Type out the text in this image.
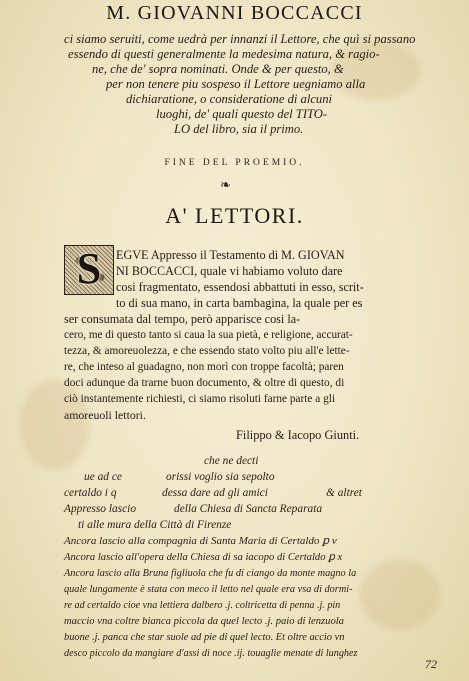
M. GIOVANNI BOCCACCI
ci siamo seruiti, come uedrà per innanzi il Lettore, che quì si passano
essendo di questi generalmente la medesima natura, & ragio-
ne, che de' sopra nominati. Onde & per questo, &
per non tenere piu sospeso il Lettore uegniamo alla
dichiaratione, o consideratione di alcuni
luoghi, de' quali questo del TITO-
LO del libro, sia il primo.
FINE DEL PROEMIO.
❧
A' LETTORI.
S	EGVE Appresso il Testamento di M. GIOVAN
NI BOCCACCI, quale vi habiamo voluto dare
cosi fragmentato, essendosi abbattuti in esso, scrit-
to di sua mano, in carta bambagina, la quale per es
ser consumata dal tempo, però apparisce cosi la-
cero, me di questo tanto si caua la sua pietà, e religione, accurat-
tezza, & amoreuolezza, e che essendo stato volto piu all'e lette-
re, che inteso al guadagno, non morì con troppe facoltà; paren
doci adunque da trarne buon documento, & oltre di questo, di
ciò instantemente richiesti, ci siamo risoluti farne parte a gli
amoreuoli lettori.
Filippo & Iacopo Giunti.
che ne decti
ue ad ce	orissi voglio sia sepolto
certaldo i q	dessa dare ad gli amici	& altret
Appresso lascio	della Chiesa di Sancta Reparata
ti alle mura della Città di Firenze
Ancora lascio alla compagnia di Santa Maria di Certaldo ꝑ v
Ancora lascio all'opera della Chiesa di sa iacopo di Certaldo ꝑ x
Ancora lascio alla Bruna figliuola che fu di ciango da monte magno la
quale lungamente è stata con meco il letto nel quale era vsa di dormi-
re ad certaldo cioe vna lettiera dalbero .j. coltricetta di penna .j. pin
maccio vna coltre bianca piccola da quel lecto .j. paio di lenzuola
buone .j. panca che star suole ad pie di quel lecto. Et oltre accio vn
desco piccolo da mangiare d'assi di noce .ij. touaglie menate di lunghez
72
